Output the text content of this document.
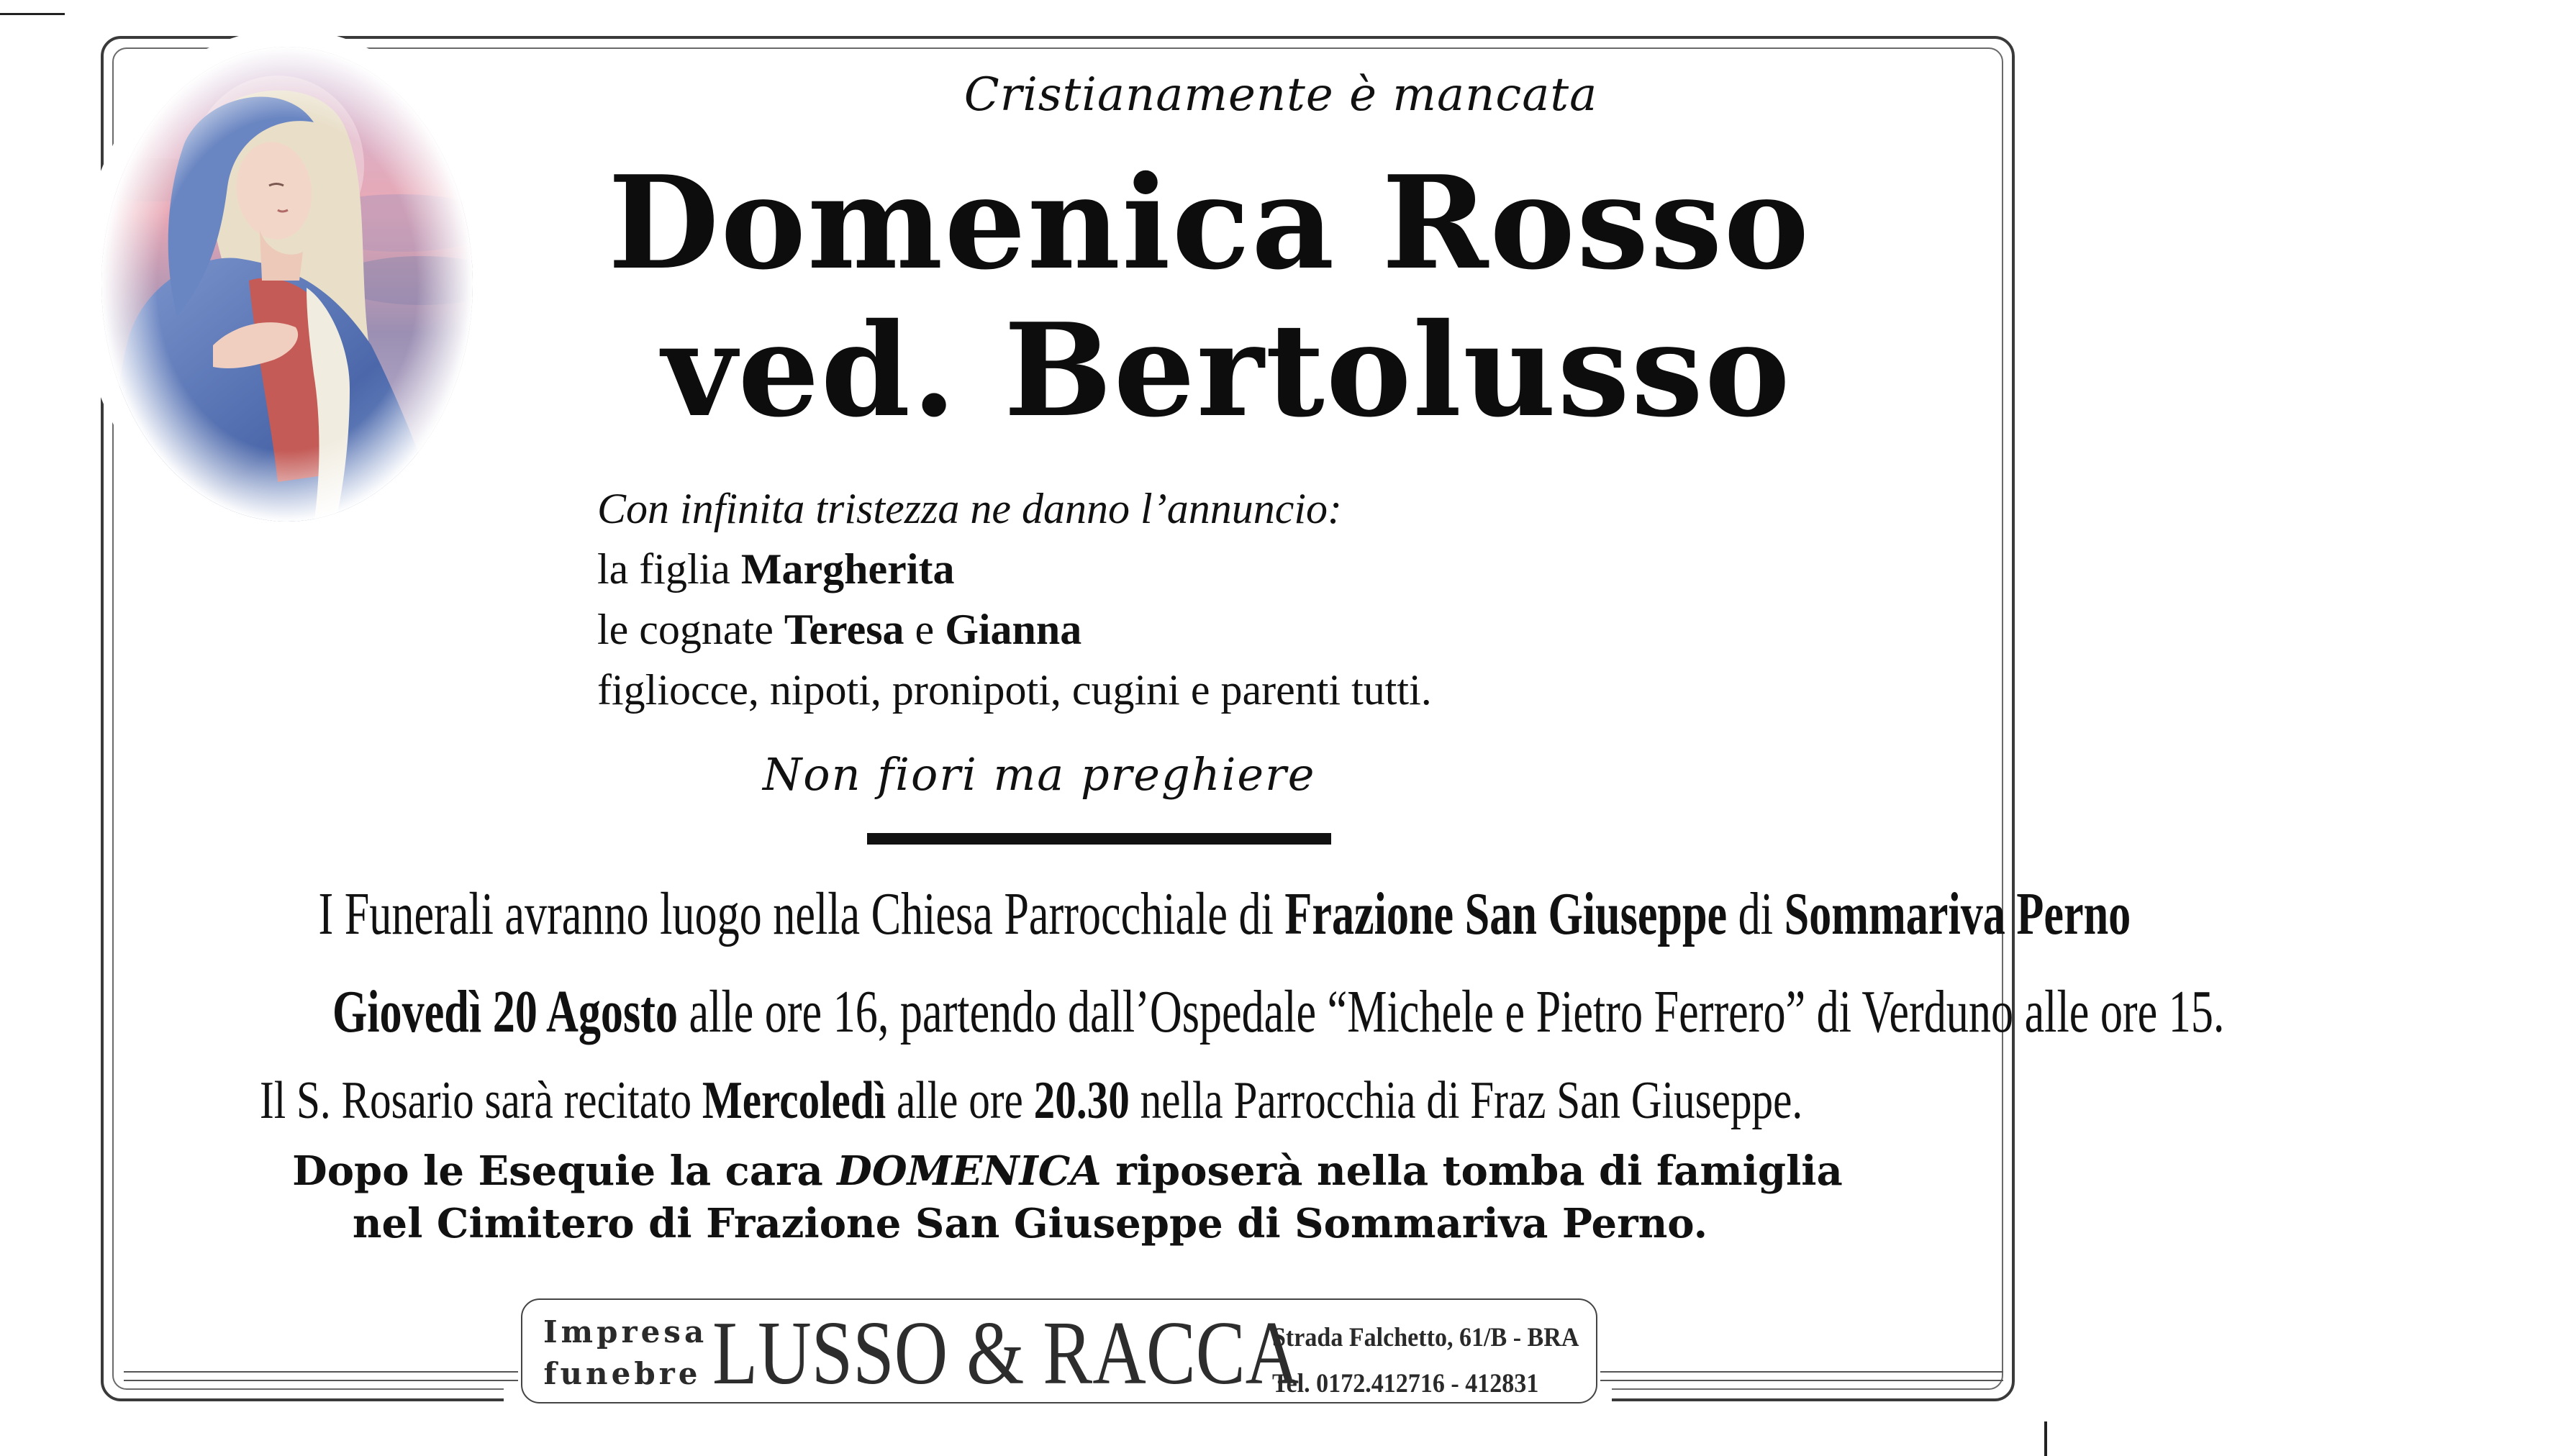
Cristianamente è mancata
Domenica Rosso
ved. Bertolusso
Con infinita tristezza ne danno l’annuncio:
la figlia Margherita
le cognate Teresa e Gianna
figliocce, nipoti, pronipoti, cugini e parenti tutti.
Non fiori ma preghiere
I Funerali avranno luogo nella Chiesa Parrocchiale di Frazione San Giuseppe di Sommariva Perno
Giovedì 20 Agosto alle ore 16, partendo dall’Ospedale “Michele e Pietro Ferrero” di Verduno alle ore 15.
Il S. Rosario sarà recitato Mercoledì alle ore 20.30 nella Parrocchia di Fraz San Giuseppe.
Dopo le Esequie la cara DOMENICA riposerà nella tomba di famiglia
nel Cimitero di Frazione San Giuseppe di Sommariva Perno.
Impresa
funebre LUSSO & RACCA
Strada Falchetto, 61/B - BRA
Tel. 0172.412716 - 412831
